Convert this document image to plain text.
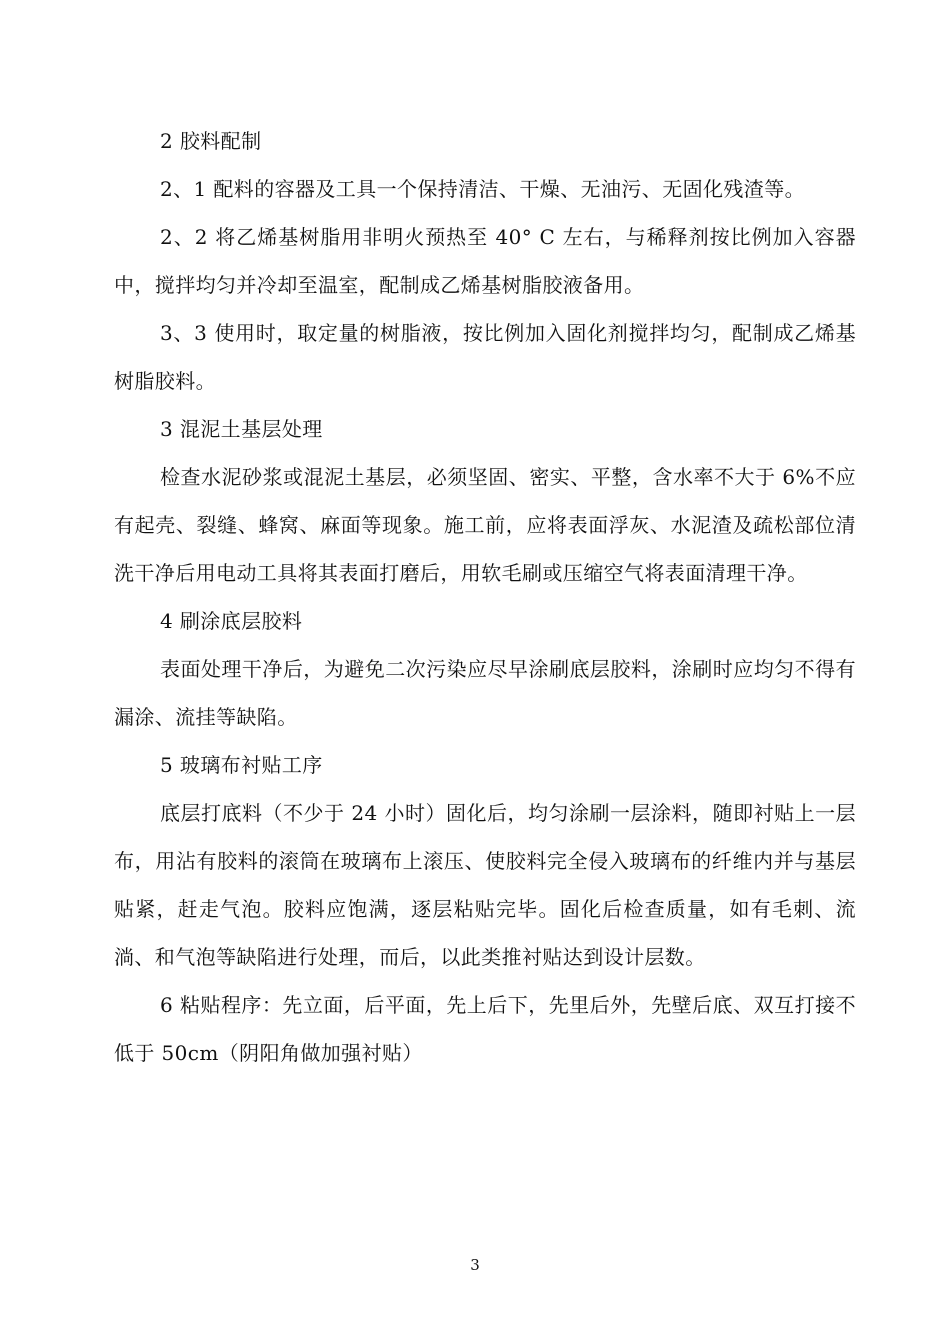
2 胶料配制

2、1 配料的容器及工具一个保持清洁、干燥、无油污、无固化残渣等。

2、2 将乙烯基树脂用非明火预热至 40° C 左右，与稀释剂按比例加入容器中，搅拌均匀并冷却至温室，配制成乙烯基树脂胶液备用。

3、3 使用时，取定量的树脂液，按比例加入固化剂搅拌均匀，配制成乙烯基树脂胶料。

3 混泥土基层处理

检查水泥砂浆或混泥土基层，必须坚固、密实、平整，含水率不大于 6%不应有起壳、裂缝、蜂窝、麻面等现象。施工前，应将表面浮灰、水泥渣及疏松部位清洗干净后用电动工具将其表面打磨后，用软毛刷或压缩空气将表面清理干净。

4 刷涂底层胶料

表面处理干净后，为避免二次污染应尽早涂刷底层胶料，涂刷时应均匀不得有漏涂、流挂等缺陷。

5 玻璃布衬贴工序

底层打底料（不少于 24 小时）固化后，均匀涂刷一层涂料，随即衬贴上一层布，用沾有胶料的滚筒在玻璃布上滚压、使胶料完全侵入玻璃布的纤维内并与基层贴紧，赶走气泡。胶料应饱满，逐层粘贴完毕。固化后检查质量，如有毛刺、流淌、和气泡等缺陷进行处理，而后，以此类推衬贴达到设计层数。

6 粘贴程序：先立面，后平面，先上后下，先里后外，先壁后底、双互打接不低于 50cm（阴阳角做加强衬贴）

3
